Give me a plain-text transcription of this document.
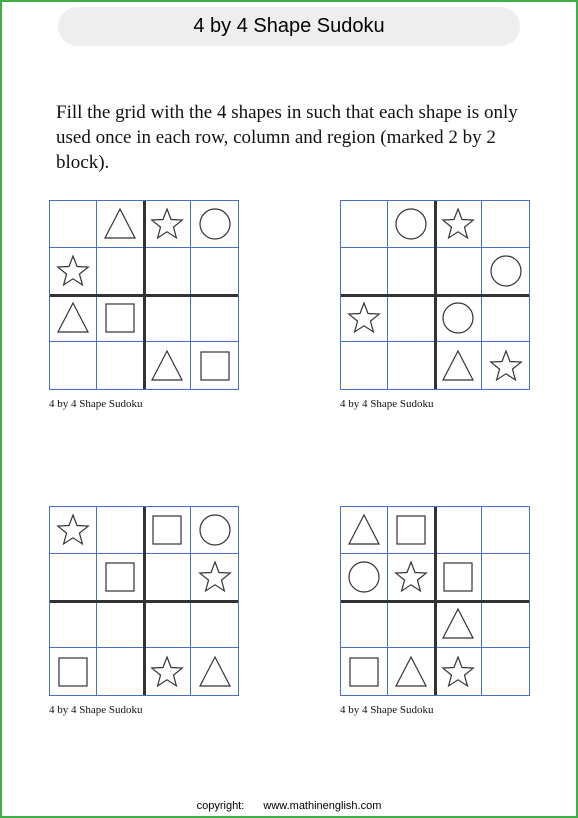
4 by 4 Shape Sudoku
Fill the grid with the 4 shapes in such that each shape is only
used once in each row, column and region (marked 2 by 2 block).
4 by 4 Shape Sudoku	4 by 4 Shape Sudoku
4 by 4 Shape Sudoku	4 by 4 Shape Sudoku
copyright: www.mathinenglish.com
